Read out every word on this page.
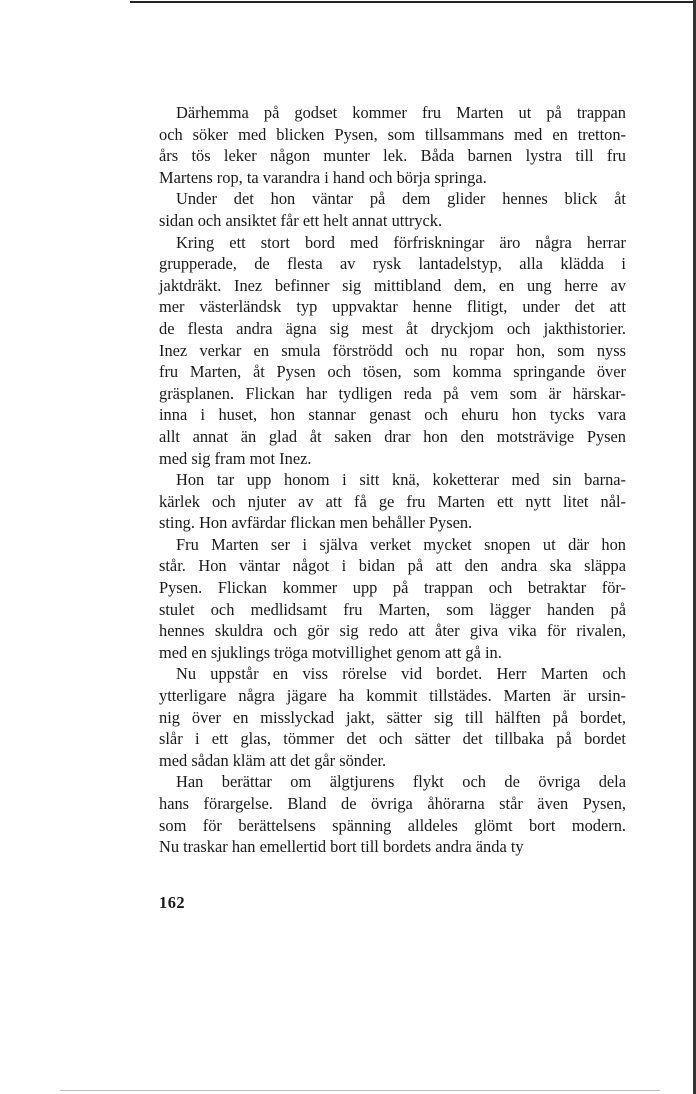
Därhemma på godset kommer fru Marten ut på trappan

och söker med blicken Pysen, som tillsammans med en tretton-

års tös leker någon munter lek. Båda barnen lystra till fru

Martens rop, ta varandra i hand och börja springa.

Under det hon väntar på dem glider hennes blick åt

sidan och ansiktet får ett helt annat uttryck.

Kring ett stort bord med förfriskningar äro några herrar

grupperade, de flesta av rysk lantadelstyp, alla klädda i

jaktdräkt. Inez befinner sig mittibland dem, en ung herre av

mer västerländsk typ uppvaktar henne flitigt, under det att

de flesta andra ägna sig mest åt dryckjom och jakthistorier.

Inez verkar en smula förströdd och nu ropar hon, som nyss

fru Marten, åt Pysen och tösen, som komma springande över

gräsplanen. Flickan har tydligen reda på vem som är härskar-

inna i huset, hon stannar genast och ehuru hon tycks vara

allt annat än glad åt saken drar hon den motsträvige Pysen

med sig fram mot Inez.

Hon tar upp honom i sitt knä, koketterar med sin barna-

kärlek och njuter av att få ge fru Marten ett nytt litet nål-

sting. Hon avfärdar flickan men behåller Pysen.

Fru Marten ser i själva verket mycket snopen ut där hon

står. Hon väntar något i bidan på att den andra ska släppa

Pysen. Flickan kommer upp på trappan och betraktar för-

stulet och medlidsamt fru Marten, som lägger handen på

hennes skuldra och gör sig redo att åter giva vika för rivalen,

med en sjuklings tröga motvillighet genom att gå in.

Nu uppstår en viss rörelse vid bordet. Herr Marten och

ytterligare några jägare ha kommit tillstädes. Marten är ursin-

nig över en misslyckad jakt, sätter sig till hälften på bordet,

slår i ett glas, tömmer det och sätter det tillbaka på bordet

med sådan kläm att det går sönder.

Han berättar om älgtjurens flykt och de övriga dela

hans förargelse. Bland de övriga åhörarna står även Pysen,

som för berättelsens spänning alldeles glömt bort modern.

Nu traskar han emellertid bort till bordets andra ända ty

162
